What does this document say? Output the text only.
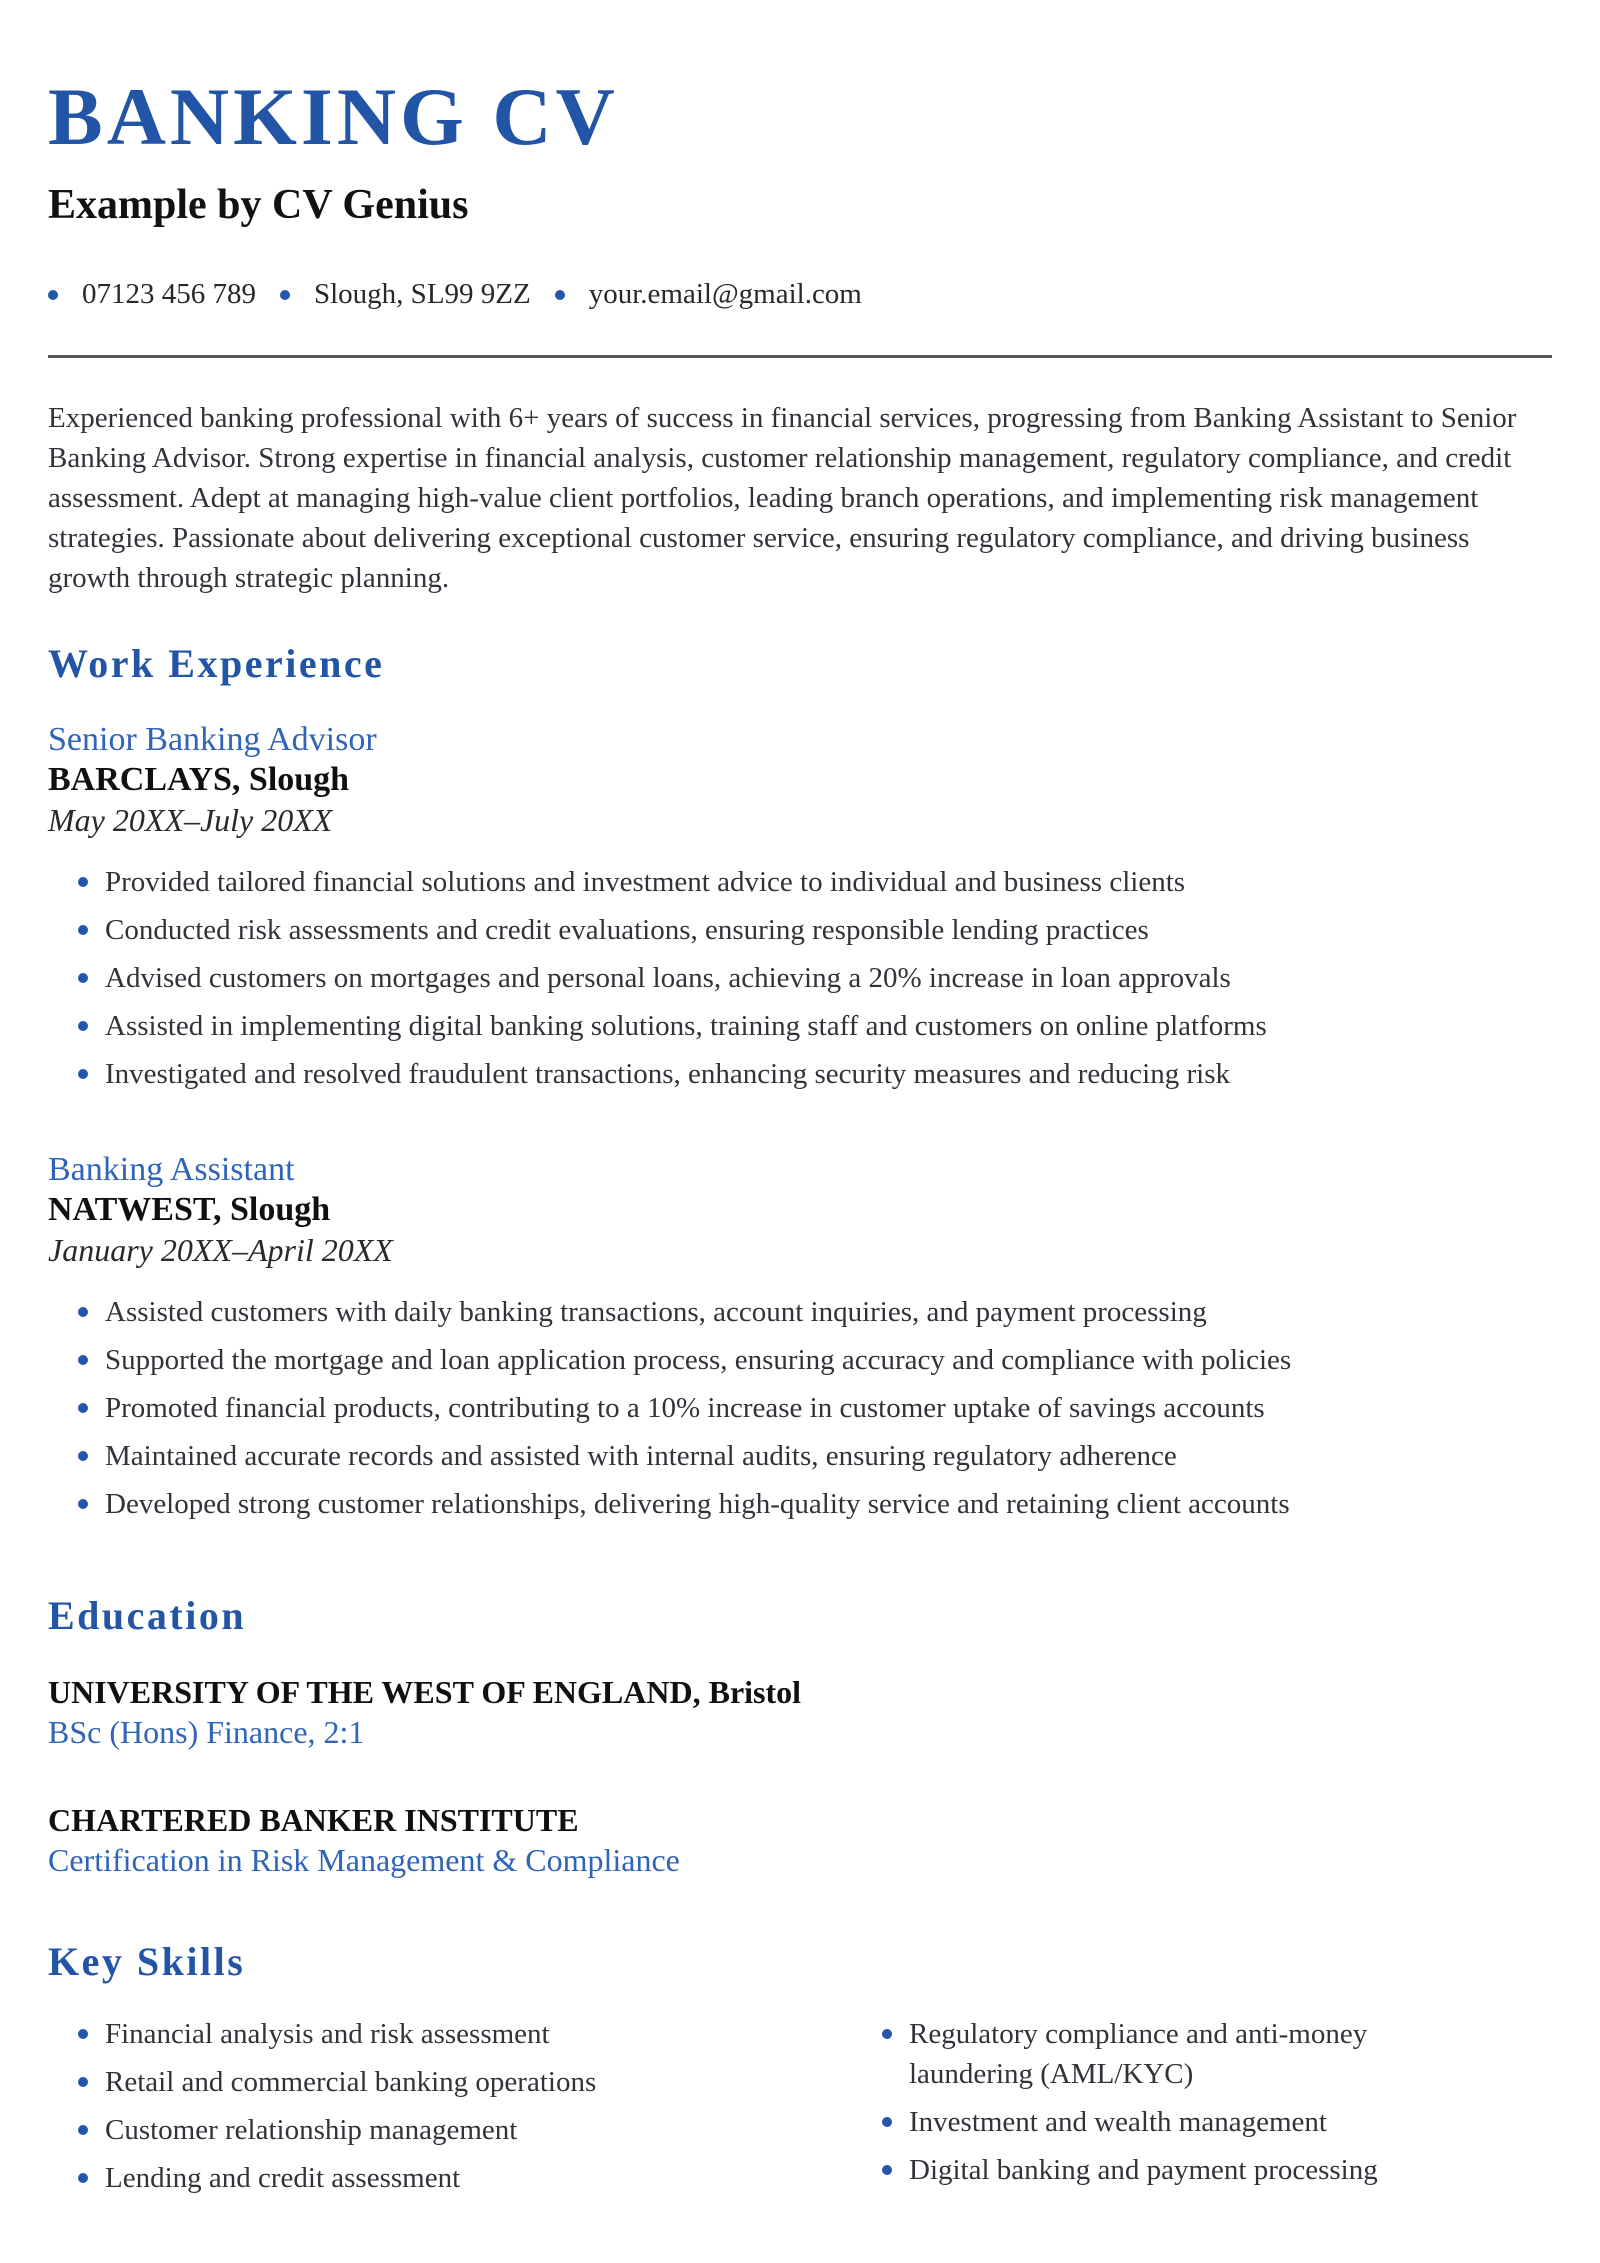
BANKING CV
Example by CV Genius
07123 456 789 Slough, SL99 9ZZ your.email@gmail.com

Experienced banking professional with 6+ years of success in financial services, progressing from Banking Assistant to Senior Banking Advisor. Strong expertise in financial analysis, customer relationship management, regulatory compliance, and credit assessment. Adept at managing high-value client portfolios, leading branch operations, and implementing risk management strategies. Passionate about delivering exceptional customer service, ensuring regulatory compliance, and driving business growth through strategic planning.

Work Experience
Senior Banking Advisor
BARCLAYS, Slough
May 20XX–July 20XX
Provided tailored financial solutions and investment advice to individual and business clients
Conducted risk assessments and credit evaluations, ensuring responsible lending practices
Advised customers on mortgages and personal loans, achieving a 20% increase in loan approvals
Assisted in implementing digital banking solutions, training staff and customers on online platforms
Investigated and resolved fraudulent transactions, enhancing security measures and reducing risk
Banking Assistant
NATWEST, Slough
January 20XX–April 20XX
Assisted customers with daily banking transactions, account inquiries, and payment processing
Supported the mortgage and loan application process, ensuring accuracy and compliance with policies
Promoted financial products, contributing to a 10% increase in customer uptake of savings accounts
Maintained accurate records and assisted with internal audits, ensuring regulatory adherence
Developed strong customer relationships, delivering high-quality service and retaining client accounts
Education
UNIVERSITY OF THE WEST OF ENGLAND, Bristol
BSc (Hons) Finance, 2:1
CHARTERED BANKER INSTITUTE
Certification in Risk Management & Compliance
Key Skills
Financial analysis and risk assessment
Retail and commercial banking operations
Customer relationship management
Lending and credit assessment
Regulatory compliance and anti-money laundering (AML/KYC)
Investment and wealth management
Digital banking and payment processing
